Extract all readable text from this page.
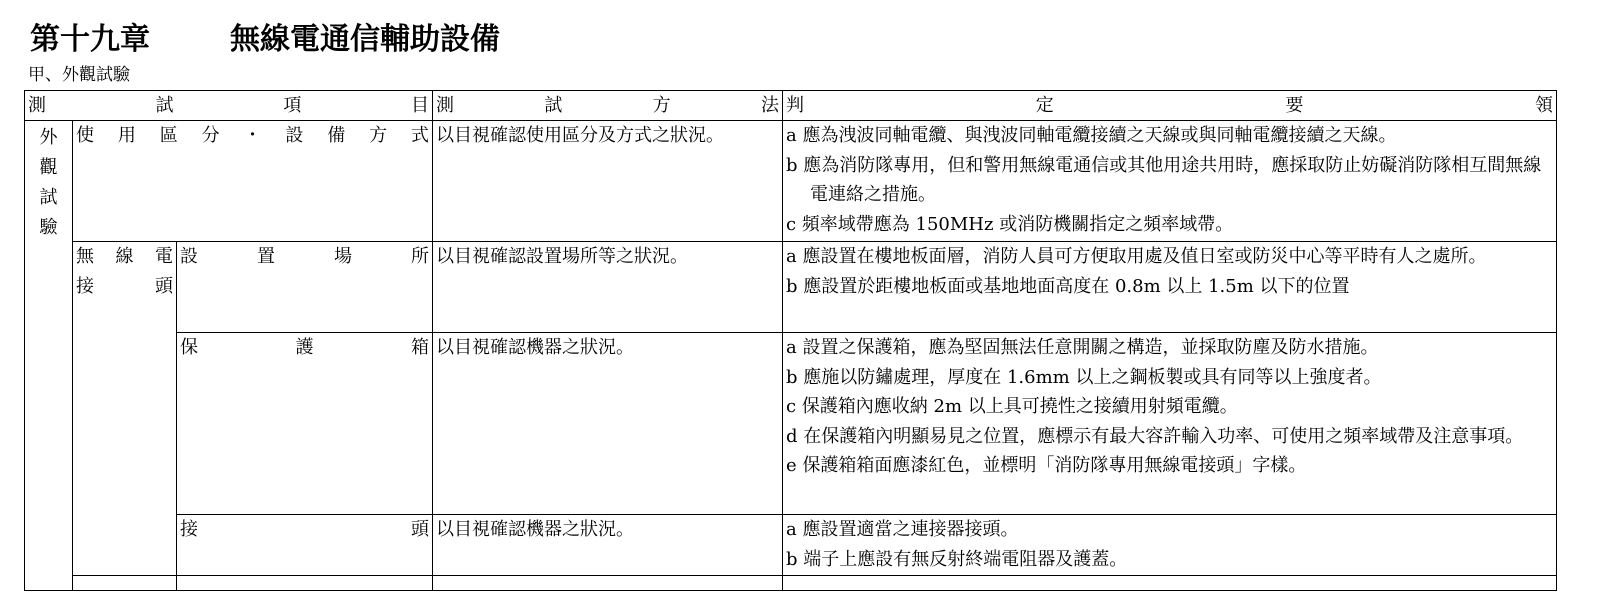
第十九章	無線電通信輔助設備
甲、外觀試驗
測試項目			測試方法	判定要領

外
觀
試
驗	使用區分・設備方式		以目視確認使用區分及方式之狀況。	a 應為洩波同軸電纜、與洩波同軸電纜接續之天線或與同軸電纜接續之天線。
b 應為消防隊專用，但和警用無線電通信或其他用途共用時，應採取防止妨礙消防隊相互間無線電連絡之措施。
c 頻率域帶應為 150MHz 或消防機關指定之頻率域帶。

	無 線 電
接 頭	設置場所	以目視確認設置場所等之狀況。	a 應設置在樓地板面層，消防人員可方便取用處及值日室或防災中心等平時有人之處所。
b 應設置於距樓地板面或基地地面高度在 0.8m 以上 1.5m 以下的位置

		保護箱	以目視確認機器之狀況。	a 設置之保護箱，應為堅固無法任意開關之構造，並採取防塵及防水措施。
b 應施以防鏽處理，厚度在 1.6mm 以上之鋼板製或具有同等以上強度者。
c 保護箱內應收納 2m 以上具可撓性之接續用射頻電纜。
d 在保護箱內明顯易見之位置，應標示有最大容許輸入功率、可使用之頻率域帶及注意事項。
e 保護箱箱面應漆紅色，並標明「消防隊專用無線電接頭」字樣。

		接頭	以目視確認機器之狀況。	a 應設置適當之連接器接頭。
b 端子上應設有無反射終端電阻器及護蓋。
